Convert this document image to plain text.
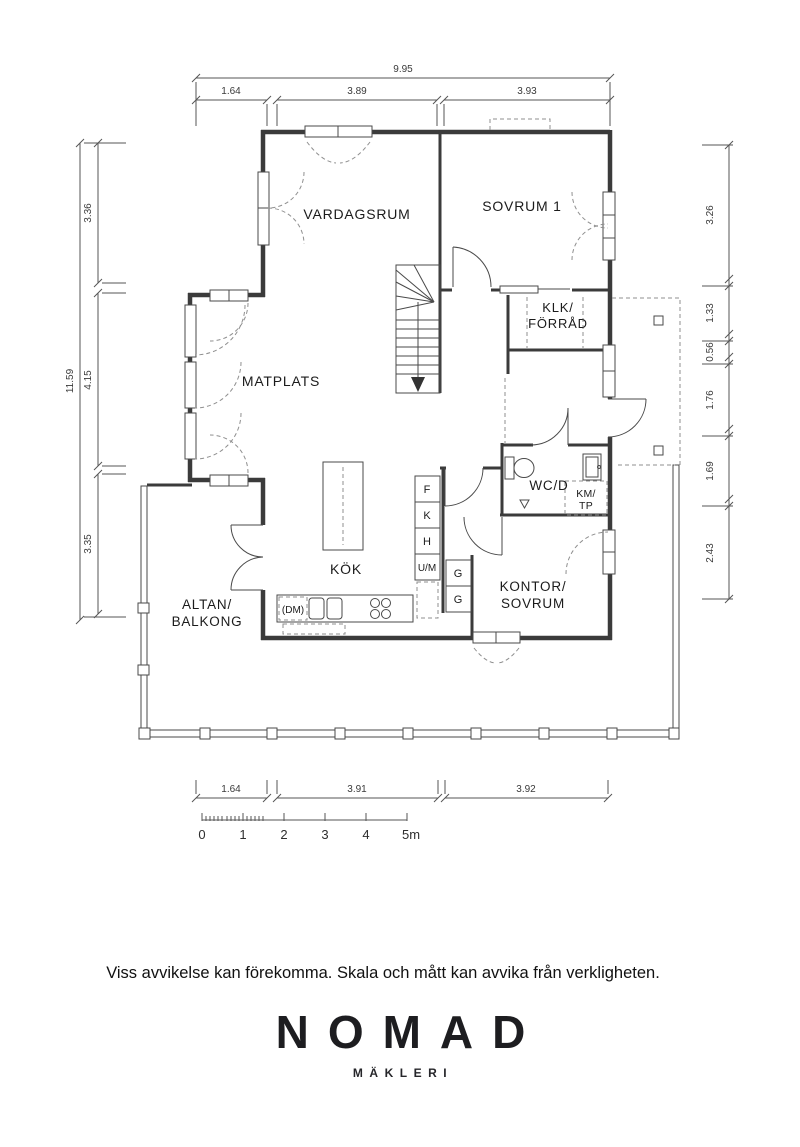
9.95
1.64	3.89	3.93
11.59
3.36
4.15
3.35
3.26
1.33
0.56
1.76
1.69
2.43
VARDAGSRUM	SOVRUM 1
KLK/
FÖRRÅD
MATPLATS
WC/D
KM/
TP
KÖK
KONTOR/
SOVRUM
ALTAN/
BALKONG
F
K
H
U/M G
G
(DM)
1.64	3.91	3.92
0	1	2	3	4 5m
Viss avvikelse kan förekomma. Skala och mått kan avvika från verkligheten.
NOMAD
MÄKLERI
